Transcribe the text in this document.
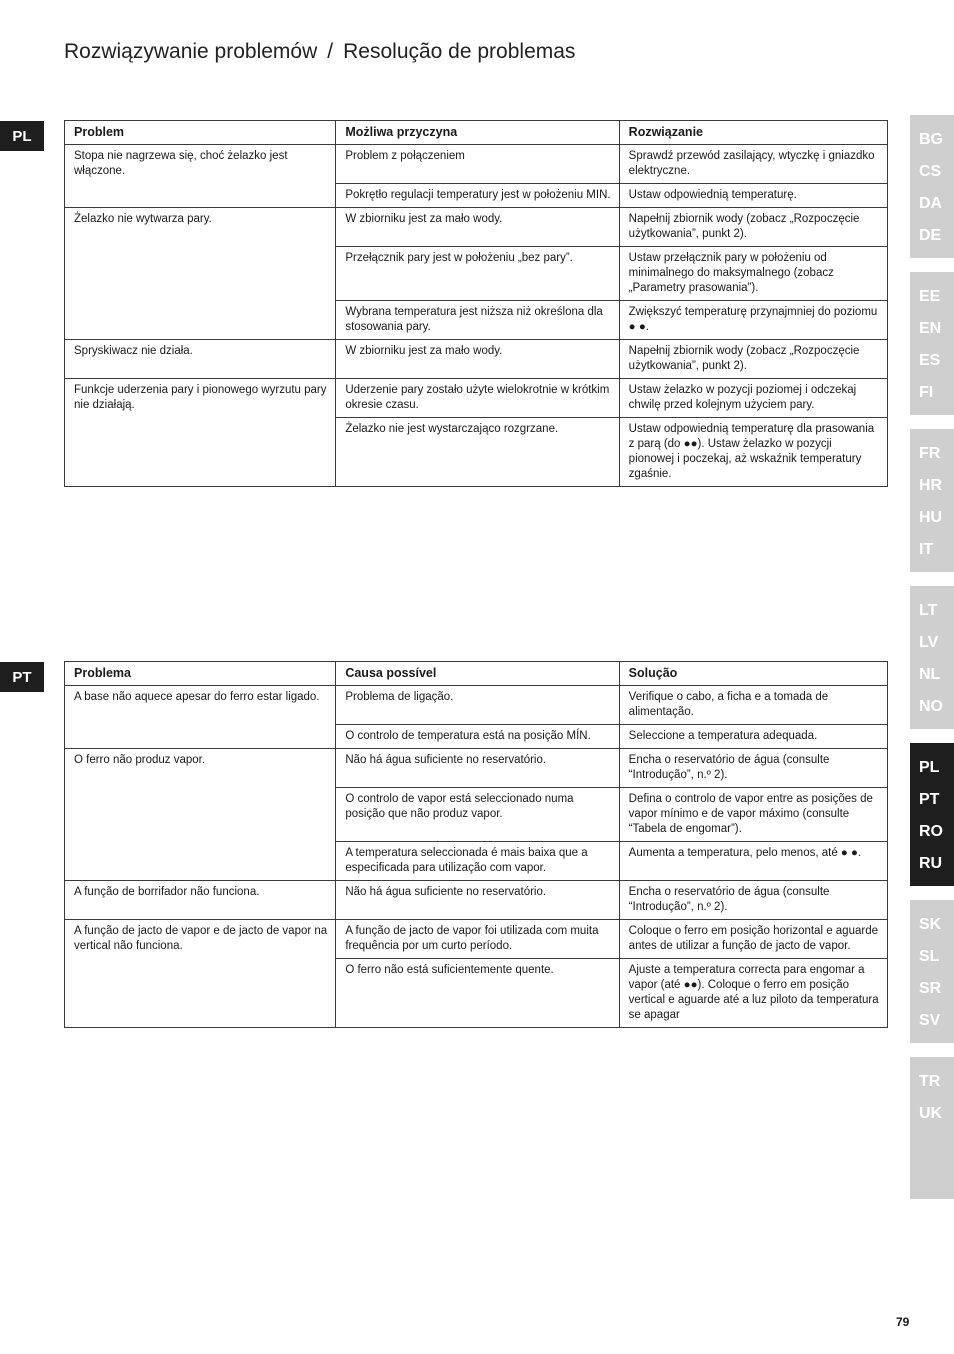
Rozwiązywanie problemów / Resolução de problemas
PL	Problem	Możliwa przyczyna	Rozwiązanie
Stopa nie nagrzewa się, choć żelazko jest włączone.	Problem z połączeniem	Sprawdź przewód zasilający, wtyczkę i gniazdko elektryczne.
	Pokrętło regulacji temperatury jest w położeniu MIN.	Ustaw odpowiednią temperaturę.
Żelazko nie wytwarza pary.	W zbiorniku jest za mało wody.	Napełnij zbiornik wody (zobacz „Rozpoczęcie użytkowania”, punkt 2).
	Przełącznik pary jest w położeniu „bez pary”.	Ustaw przełącznik pary w położeniu od minimalnego do maksymalnego (zobacz „Parametry prasowania”).
	Wybrana temperatura jest niższa niż określona dla stosowania pary.	Zwiększyć temperaturę przynajmniej do poziomu ● ●.
Spryskiwacz nie działa.	W zbiorniku jest za mało wody.	Napełnij zbiornik wody (zobacz „Rozpoczęcie użytkowania”, punkt 2).
Funkcje uderzenia pary i pionowego wyrzutu pary nie działają.	Uderzenie pary zostało użyte wielokrotnie w krótkim okresie czasu.	Ustaw żelazko w pozycji poziomej i odczekaj chwilę przed kolejnym użyciem pary.
	Żelazko nie jest wystarczająco rozgrzane.	Ustaw odpowiednią temperaturę dla prasowania z parą (do ●●). Ustaw żelazko w pozycji pionowej i poczekaj, aż wskaźnik temperatury zgaśnie.
PT	Problema	Causa possível	Solução
A base não aquece apesar do ferro estar ligado.	Problema de ligação.	Verifique o cabo, a ficha e a tomada de alimentação.
	O controlo de temperatura está na posição MÍN.	Seleccione a temperatura adequada.
O ferro não produz vapor.	Não há água suficiente no reservatório.	Encha o reservatório de água (consulte “Introdução”, n.º 2).
	O controlo de vapor está seleccionado numa posição que não produz vapor.	Defina o controlo de vapor entre as posições de vapor mínimo e de vapor máximo (consulte “Tabela de engomar”).
	A temperatura seleccionada é mais baixa que a especificada para utilização com vapor.	Aumenta a temperatura, pelo menos, até ● ●.
A função de borrifador não funciona.	Não há água suficiente no reservatório.	Encha o reservatório de água (consulte “Introdução”, n.º 2).
A função de jacto de vapor e de jacto de vapor na vertical não funciona.	A função de jacto de vapor foi utilizada com muita frequência por um curto período.	Coloque o ferro em posição horizontal e aguarde antes de utilizar a função de jacto de vapor.
	O ferro não está suficientemente quente.	Ajuste a temperatura correcta para engomar a vapor (até ●●). Coloque o ferro em posição vertical e aguarde até a luz piloto da temperatura se apagar
BG
CS
DA
DE
EE
EN
ES
FI
FR
HR
HU
IT
LT
LV
NL
NO
PL
PT
RO
RU
SK
SL
SR
SV
TR
UK
79
